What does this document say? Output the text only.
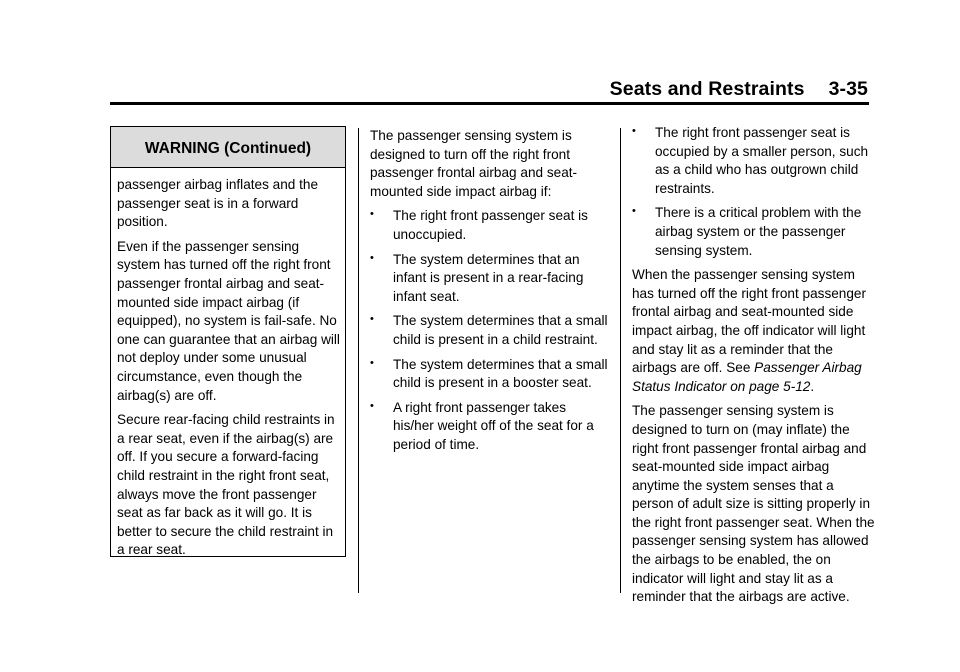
Seats and Restraints 3-35
WARNING (Continued)

passenger airbag inflates and the passenger seat is in a forward position.

Even if the passenger sensing system has turned off the right front passenger frontal airbag and seat-mounted side impact airbag (if equipped), no system is fail-safe. No one can guarantee that an airbag will not deploy under some unusual circumstance, even though the airbag(s) are off.

Secure rear-facing child restraints in a rear seat, even if the airbag(s) are off. If you secure a forward-facing child restraint in the right front seat, always move the front passenger seat as far back as it will go. It is better to secure the child restraint in a rear seat.

The passenger sensing system is designed to turn off the right front passenger frontal airbag and seat-mounted side impact airbag if:

• The right front passenger seat is unoccupied.
• The system determines that an infant is present in a rear-facing infant seat.
• The system determines that a small child is present in a child restraint.
• The system determines that a small child is present in a booster seat.
• A right front passenger takes his/her weight off of the seat for a period of time.
• The right front passenger seat is occupied by a smaller person, such as a child who has outgrown child restraints.
• There is a critical problem with the airbag system or the passenger sensing system.

When the passenger sensing system has turned off the right front passenger frontal airbag and seat-mounted side impact airbag, the off indicator will light and stay lit as a reminder that the airbags are off. See Passenger Airbag Status Indicator on page 5-12.

The passenger sensing system is designed to turn on (may inflate) the right front passenger frontal airbag and seat-mounted side impact airbag anytime the system senses that a person of adult size is sitting properly in the right front passenger seat. When the passenger sensing system has allowed the airbags to be enabled, the on indicator will light and stay lit as a reminder that the airbags are active.
